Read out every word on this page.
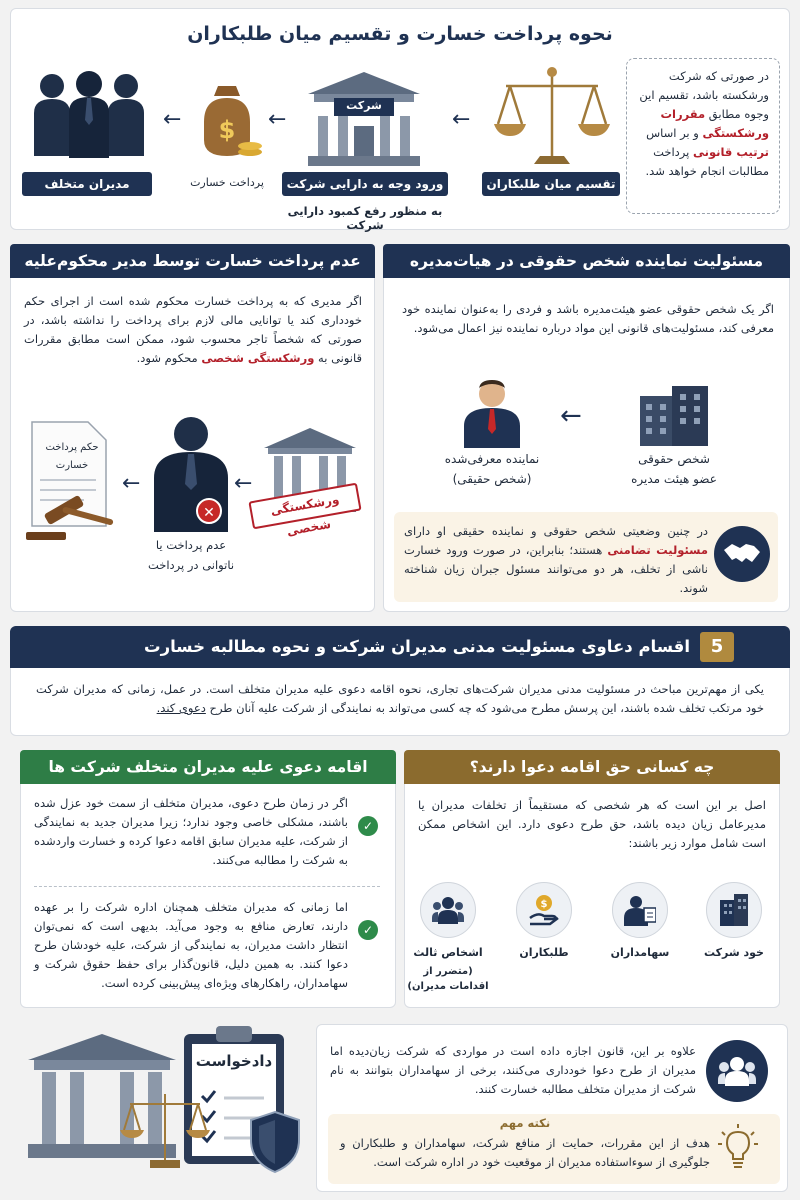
نحوه پرداخت خسارت و تقسیم میان طلبکاران
مدیران متخلف
← $
پرداخت خسارت
←
شرکت
ورود وجه به دارایی شرکت
به منظور رفع کمبود دارایی شرکت
←
تقسیم میان طلبکاران
در صورتی که شرکت ورشکسته باشد، تقسیم این وجوه مطابق مقررات ورشکستگی و بر اساس ترتیب قانونی پرداخت مطالبات انجام خواهد شد.
عدم پرداخت خسارت توسط مدیر محکوم‌علیه
اگر مدیری که به پرداخت خسارت محکوم شده است از اجرای حکم خودداری کند یا توانایی مالی لازم برای پرداخت را نداشته باشد، در صورتی که شخصاً تاجر محسوب شود، ممکن است مطابق مقررات قانونی به ورشکستگی شخصی محکوم شود.
حکم پرداخت
خسارت
←
✕
عدم پرداخت یا
ناتوانی در پرداخت
←
ورشکستگی شخصی
مسئولیت نماینده شخص حقوقی در هیات‌مدیره
اگر یک شخص حقوقی عضو هیئت‌مدیره باشد و فردی را به‌عنوان نماینده خود معرفی کند، مسئولیت‌های قانونی این مواد درباره نماینده نیز اعمال می‌شود.
شخص حقوقی
عضو هیئت مدیره
←
نماینده معرفی‌شده
(شخص حقیقی)
در چنین وضعیتی شخص حقوقی و نماینده حقیقی او دارای مسئولیت تضامنی هستند؛ بنابراین، در صورت ورود خسارت ناشی از تخلف، هر دو می‌توانند مسئول جبران زیان شناخته شوند.
5
اقسام دعاوی مسئولیت مدنی مدیران شرکت و نحوه مطالبه خسارت
یکی از مهم‌ترین مباحث در مسئولیت مدنی مدیران شرکت‌های تجاری، نحوه اقامه دعوی علیه مدیران متخلف است. در عمل، زمانی که مدیران شرکت خود مرتکب تخلف شده باشند، این پرسش مطرح می‌شود که چه کسی می‌تواند به نمایندگی از شرکت علیه آنان طرح دعوی کند.
چه کسانی حق اقامه دعوا دارند؟
اصل بر این است که هر شخصی که مستقیماً از تخلفات مدیران یا مدیرعامل زیان دیده باشد، حق طرح دعوی دارد. این اشخاص ممکن است شامل موارد زیر باشند:
خود شرکت
سهامداران
$
طلبکاران
اشخاص ثالث
(متضرر از اقدامات مدیران)
اقامه دعوی علیه مدیران متخلف شرکت ها
✓
اگر در زمان طرح دعوی، مدیران متخلف از سمت خود عزل شده باشند، مشکلی خاصی وجود ندارد؛ زیرا مدیران جدید به نمایندگی از شرکت، علیه مدیران سابق اقامه دعوا کرده و خسارت واردشده به شرکت را مطالبه می‌کنند.
✓
اما زمانی که مدیران متخلف همچنان اداره شرکت را بر عهده دارند، تعارض منافع به وجود می‌آید. بدیهی است که نمی‌توان انتظار داشت مدیران، به نمایندگی از شرکت، علیه خودشان طرح دعوا کنند. به همین دلیل، قانون‌گذار برای حفظ حقوق شرکت و سهامداران، راهکارهای ویژه‌ای پیش‌بینی کرده است.
دادخواست
علاوه بر این، قانون اجازه داده است در مواردی که شرکت زیان‌دیده اما مدیران از طرح دعوا خودداری می‌کنند، برخی از سهامداران بتوانند به نام شرکت از مدیران متخلف مطالبه خسارت کنند.
نکته مهم
هدف از این مقررات، حمایت از منافع شرکت، سهامداران و طلبکاران و جلوگیری از سوءاستفاده مدیران از موقعیت خود در اداره شرکت است.
